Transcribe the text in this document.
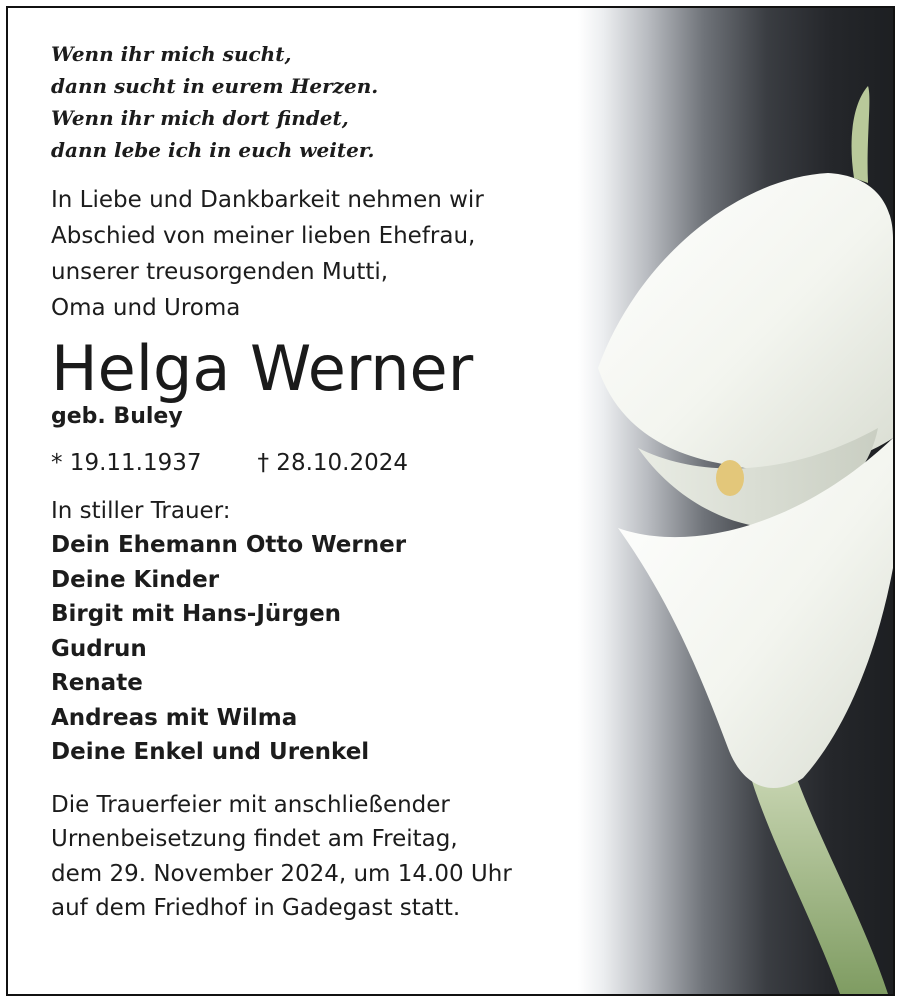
Wenn ihr mich sucht,
dann sucht in eurem Herzen.
Wenn ihr mich dort findet,
dann lebe ich in euch weiter.
In Liebe und Dankbarkeit nehmen wir
Abschied von meiner lieben Ehefrau,
unserer treusorgenden Mutti,
Oma und Uroma
Helga Werner
geb. Buley
* 19.11.1937 † 28.10.2024
In stiller Trauer:
Dein Ehemann Otto Werner
Deine Kinder
Birgit mit Hans-Jürgen
Gudrun
Renate
Andreas mit Wilma
Deine Enkel und Urenkel
Die Trauerfeier mit anschließender
Urnenbeisetzung findet am Freitag,
dem 29. November 2024, um 14.00 Uhr
auf dem Friedhof in Gadegast statt.
